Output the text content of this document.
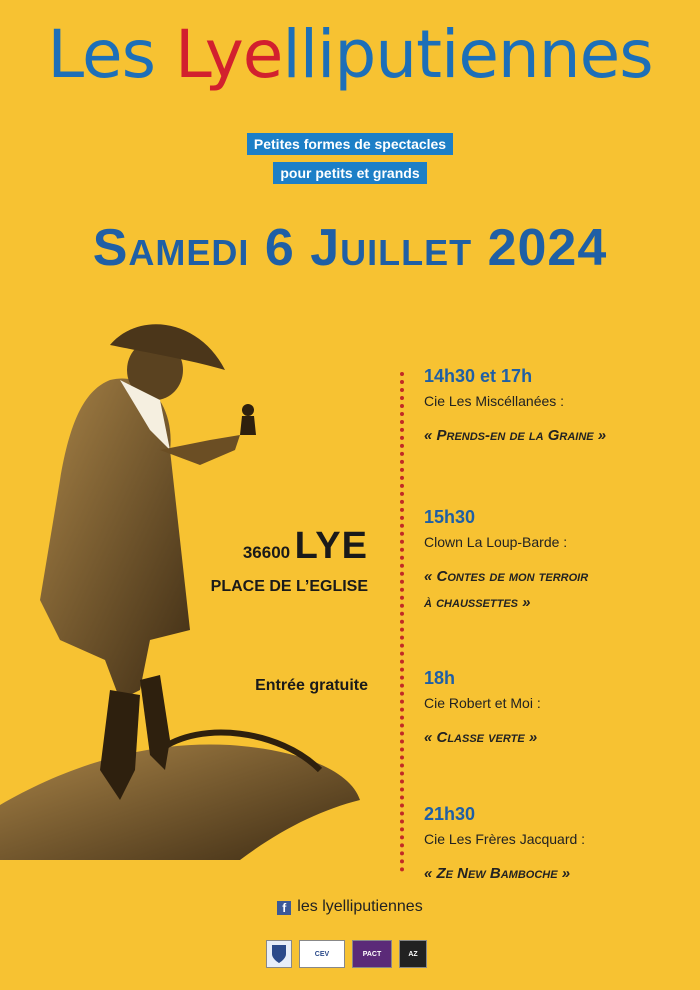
Les Lyelliputiennes
Petites formes de spectacles
pour petits et grands
Samedi 6 Juillet 2024
36600 LYE
PLACE DE L’EGLISE
Entrée gratuite
14h30 et 17h
Cie Les Miscéllanées :
« Prends-en de la Graine »
15h30
Clown La Loup-Barde :
« Contes de mon terroir
à chaussettes »
18h
Cie Robert et Moi :
« Classe verte »
21h30
Cie Les Frères Jacquard :
« Ze New Bamboche »
f les lyelliputiennes
CEV	PACT	AZ
